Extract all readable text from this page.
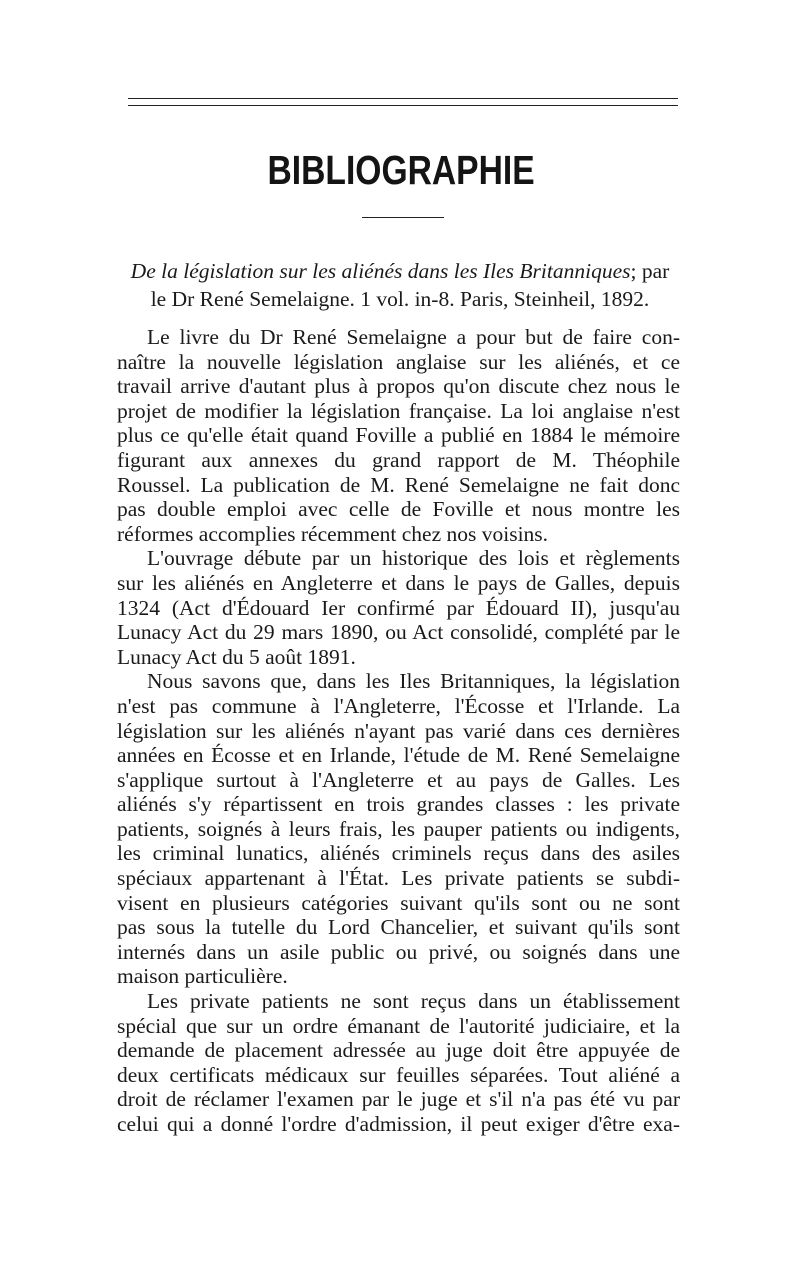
BIBLIOGRAPHIE
De la législation sur les aliénés dans les Iles Britanniques; par
le Dr René Semelaigne. 1 vol. in-8. Paris, Steinheil, 1892.
Le livre du Dr René Semelaigne a pour but de faire con-
naître la nouvelle législation anglaise sur les aliénés, et ce
travail arrive d'autant plus à propos qu'on discute chez nous le
projet de modifier la législation française. La loi anglaise n'est
plus ce qu'elle était quand Foville a publié en 1884 le mémoire
figurant aux annexes du grand rapport de M. Théophile
Roussel. La publication de M. René Semelaigne ne fait donc
pas double emploi avec celle de Foville et nous montre les
réformes accomplies récemment chez nos voisins.
L'ouvrage débute par un historique des lois et règlements
sur les aliénés en Angleterre et dans le pays de Galles, depuis
1324 (Act d'Édouard Ier confirmé par Édouard II), jusqu'au
Lunacy Act du 29 mars 1890, ou Act consolidé, complété par le
Lunacy Act du 5 août 1891.
Nous savons que, dans les Iles Britanniques, la législation
n'est pas commune à l'Angleterre, l'Écosse et l'Irlande. La
législation sur les aliénés n'ayant pas varié dans ces dernières
années en Écosse et en Irlande, l'étude de M. René Semelaigne
s'applique surtout à l'Angleterre et au pays de Galles. Les
aliénés s'y répartissent en trois grandes classes : les private
patients, soignés à leurs frais, les pauper patients ou indigents,
les criminal lunatics, aliénés criminels reçus dans des asiles
spéciaux appartenant à l'État. Les private patients se subdi-
visent en plusieurs catégories suivant qu'ils sont ou ne sont
pas sous la tutelle du Lord Chancelier, et suivant qu'ils sont
internés dans un asile public ou privé, ou soignés dans une
maison particulière.
Les private patients ne sont reçus dans un établissement
spécial que sur un ordre émanant de l'autorité judiciaire, et la
demande de placement adressée au juge doit être appuyée de
deux certificats médicaux sur feuilles séparées. Tout aliéné a
droit de réclamer l'examen par le juge et s'il n'a pas été vu par
celui qui a donné l'ordre d'admission, il peut exiger d'être exa-
